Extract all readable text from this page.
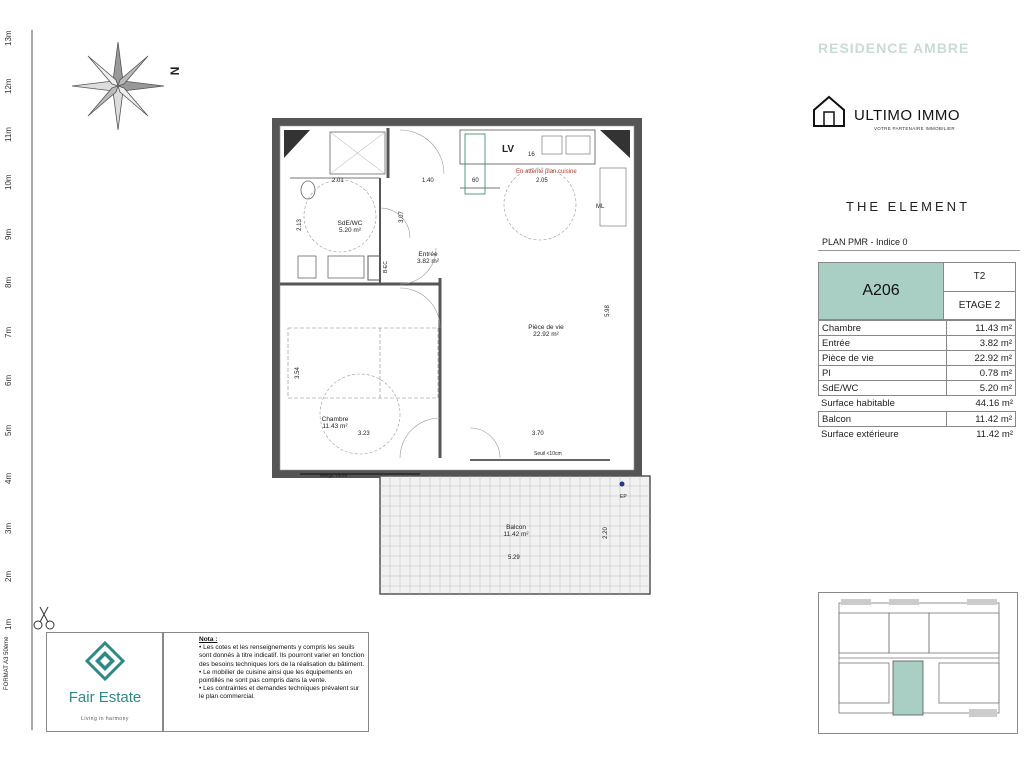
13m
12m
11m
10m
9m
8m
7m
6m
5m
4m
3m
2m
1m
FORMAT A3 50ème
N
SdE/WC
5.20 m²
Entrée
3.82 m²
Pièce de vie
22.92 m²
Chambre
11.43 m²
Balcon
11.42 m²
2.01	1.40	2.05
60
2.13
3.07
5.98
3.54
3.23	3.70
2.20
5.29
En attente plan cuisine
LV 16
ML
B-EC
Seuil <10cm
Allège vitrée
EP
RESIDENCE AMBRE
ULTIMO IMMO
VOTRE PARTENAIRE IMMOBILIER
THE ELEMENT
PLAN PMR - Indice 0
A206
T2
ETAGE 2
Chambre	11.43 m²
Entrée	3.82 m²
Pièce de vie	22.92 m²
Pl	0.78 m²
SdE/WC	5.20 m²
Surface habitable	44.16 m²
Balcon	11.42 m²
Surface extérieure	11.42 m²
Fair Estate
Living in harmony
Nota :
• Les cotes et les renseignements y compris les seuils sont donnés à titre indicatif. Ils pourront varier en fonction des besoins techniques lors de la réalisation du bâtiment.
• Le mobilier de cuisine ainsi que les équipements en pointillés ne sont pas compris dans la vente.
• Les contraintes et demandes techniques prévalent sur le plan commercial.
